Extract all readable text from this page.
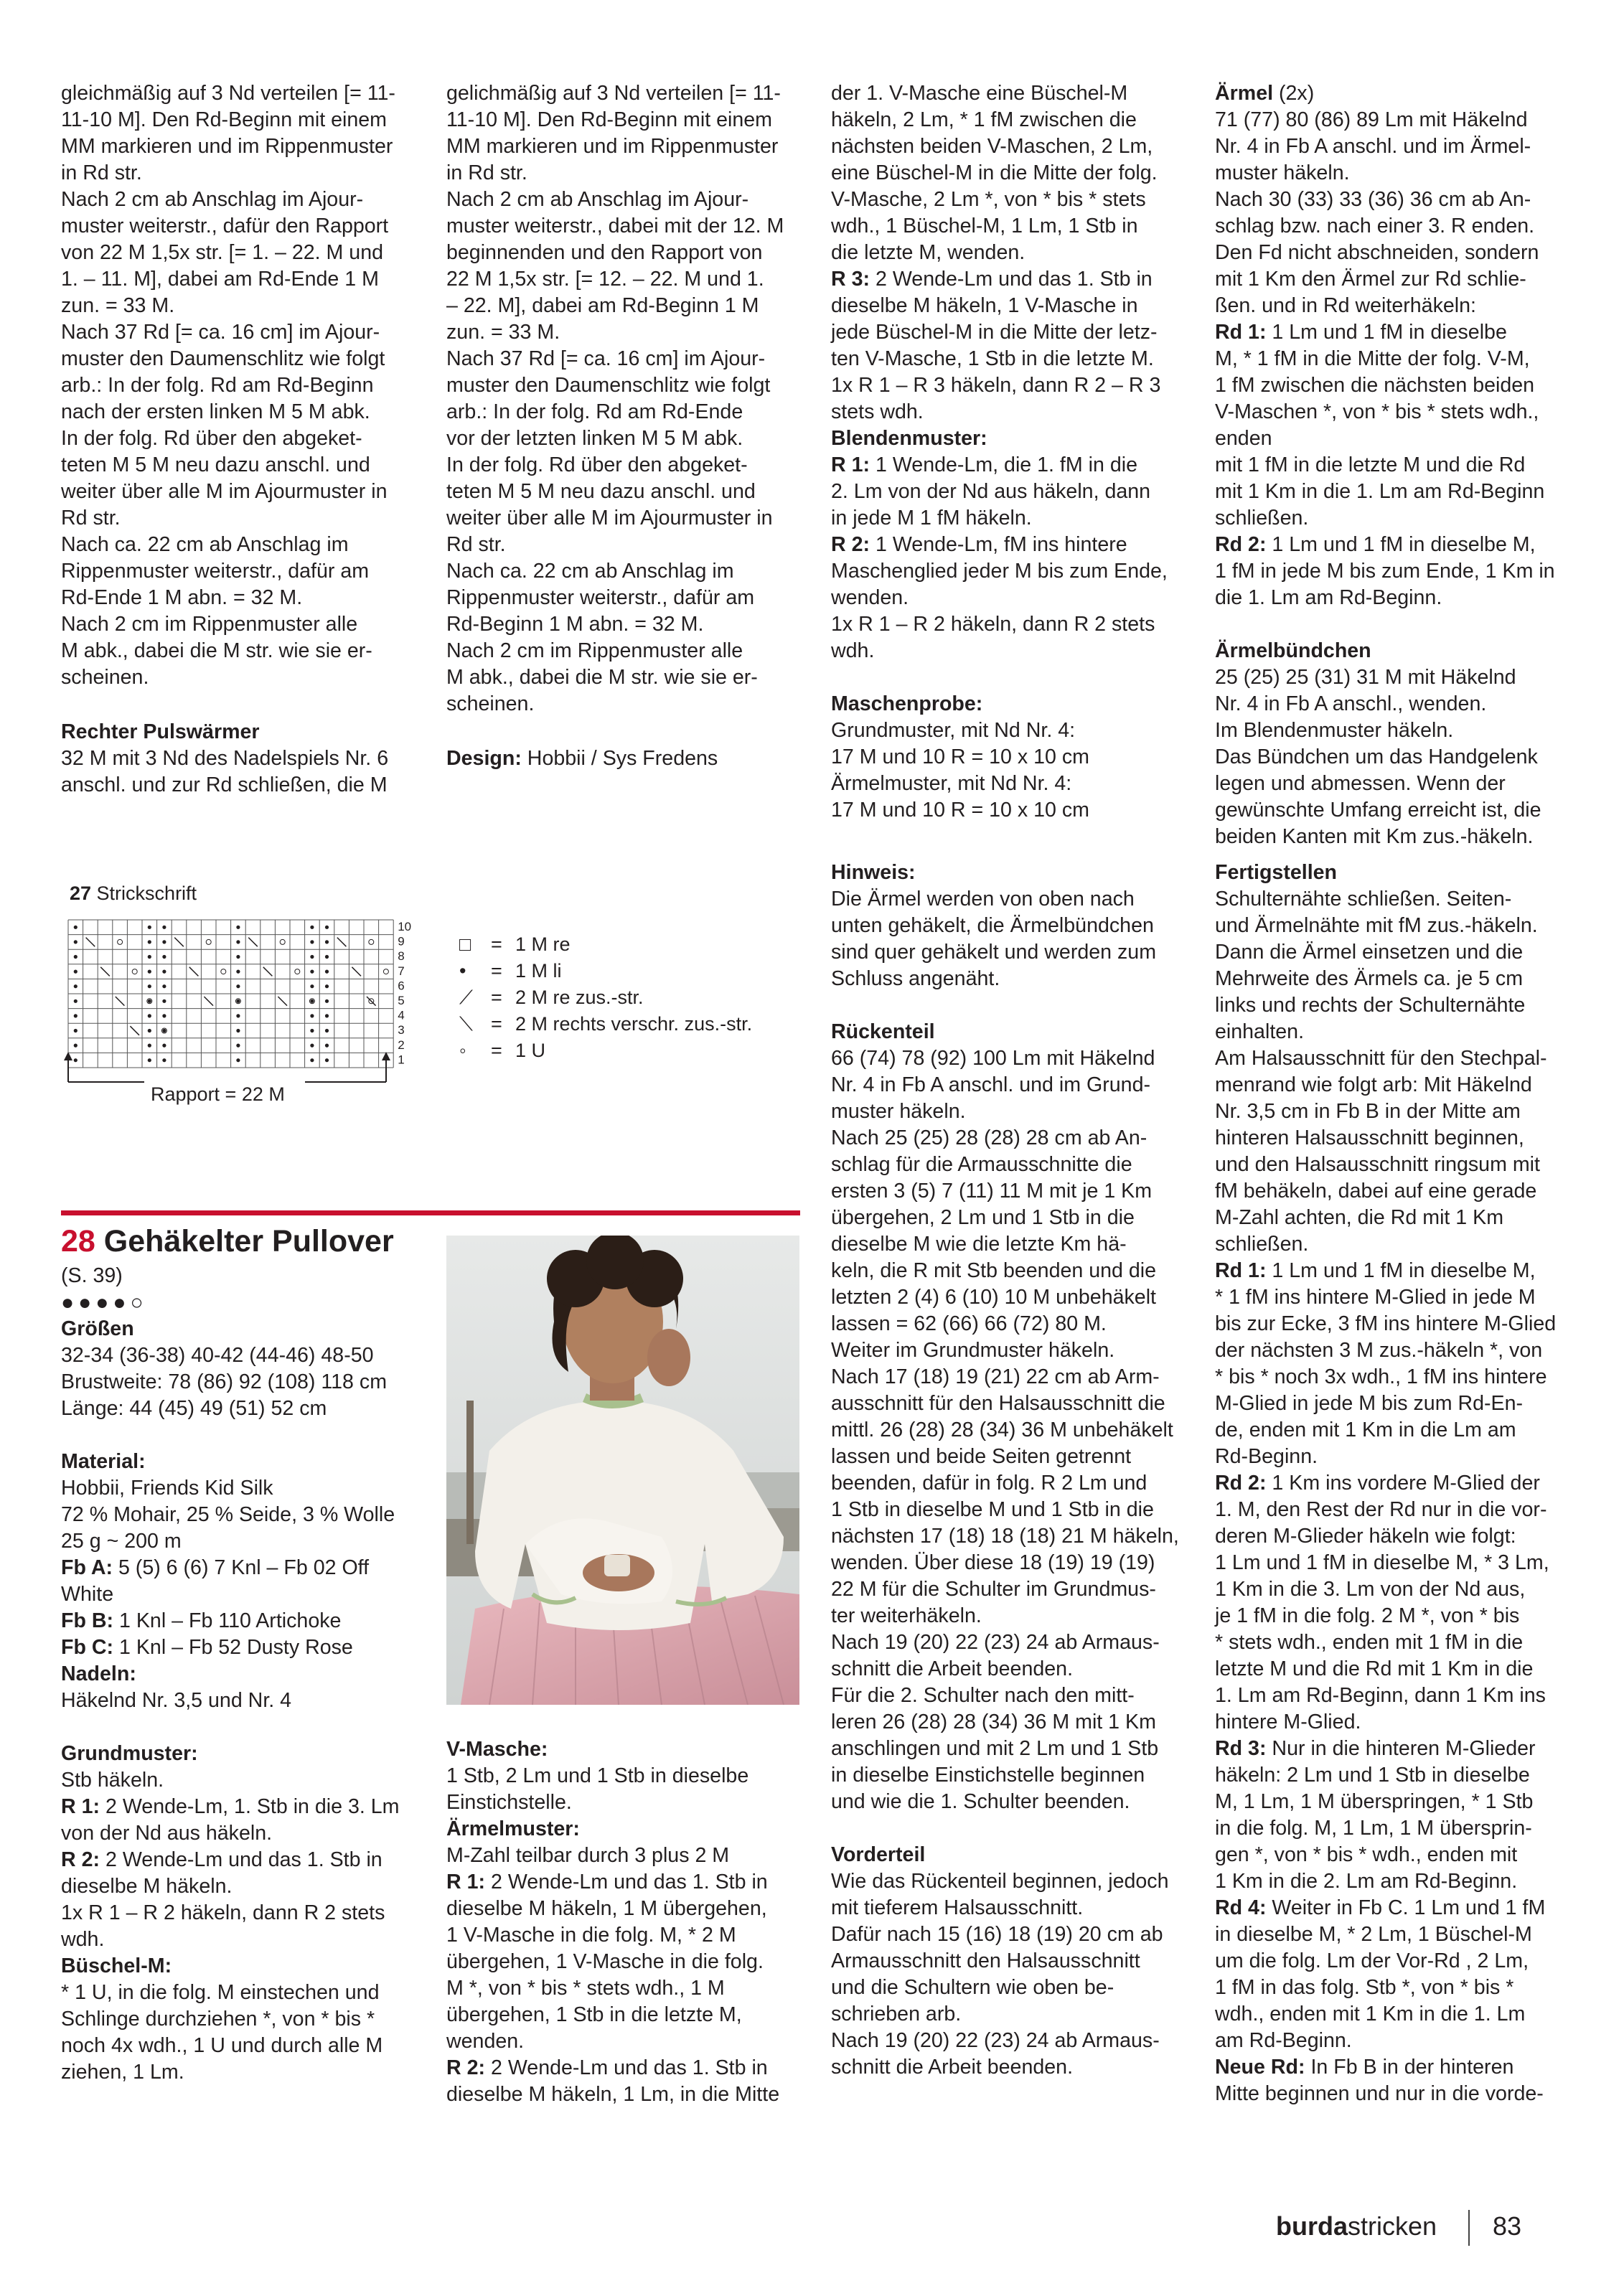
gleichmäßig auf 3 Nd verteilen [= 11-

11-10 M]. Den Rd-Beginn mit einem

MM markieren und im Rippenmuster

in Rd str.

Nach 2 cm ab Anschlag im Ajour-

muster weiterstr., dafür den Rapport

von 22 M 1,5x str. [= 1. – 22. M und

1. – 11. M], dabei am Rd-Ende 1 M

zun. = 33 M.

Nach 37 Rd [= ca. 16 cm] im Ajour-

muster den Daumenschlitz wie folgt

arb.: In der folg. Rd am Rd-Beginn

nach der ersten linken M 5 M abk.

In der folg. Rd über den abgeket-

teten M 5 M neu dazu anschl. und

weiter über alle M im Ajourmuster in

Rd str.

Nach ca. 22 cm ab Anschlag im

Rippenmuster weiterstr., dafür am

Rd-Ende 1 M abn. = 32 M.

Nach 2 cm im Rippenmuster alle

M abk., dabei die M str. wie sie er-

scheinen.

Rechter Pulswärmer

32 M mit 3 Nd des Nadelspiels Nr. 6

anschl. und zur Rd schließen, die M

gelichmäßig auf 3 Nd verteilen [= 11-

11-10 M]. Den Rd-Beginn mit einem

MM markieren und im Rippenmuster

in Rd str.

Nach 2 cm ab Anschlag im Ajour-

muster weiterstr., dabei mit der 12. M

beginnenden und den Rapport von

22 M 1,5x str. [= 12. – 22. M und 1.

– 22. M], dabei am Rd-Beginn 1 M

zun. = 33 M.

Nach 37 Rd [= ca. 16 cm] im Ajour-

muster den Daumenschlitz wie folgt

arb.: In der folg. Rd am Rd-Ende

vor der letzten linken M 5 M abk.

In der folg. Rd über den abgeket-

teten M 5 M neu dazu anschl. und

weiter über alle M im Ajourmuster in

Rd str.

Nach ca. 22 cm ab Anschlag im

Rippenmuster weiterstr., dafür am

Rd-Beginn 1 M abn. = 32 M.

Nach 2 cm im Rippenmuster alle

M abk., dabei die M str. wie sie er-

scheinen.

Design: Hobbii / Sys Fredens
27 Strickschrift
10
9
8
7
6
5
4
3
2
1
Rapport = 22 M
□	= 1 M re
•	= 1 M li
⟋ = 2 M re zus.-str.
⟍ = 2 M rechts verschr. zus.-str.
◦	= 1 U
28 Gehäkelter Pullover

(S. 39)

●●●●○

Größen

32-34 (36-38) 40-42 (44-46) 48-50

Brustweite: 78 (86) 92 (108) 118 cm

Länge: 44 (45) 49 (51) 52 cm

Material:

Hobbii, Friends Kid Silk

72 % Mohair, 25 % Seide, 3 % Wolle

25 g ~ 200 m

Fb A: 5 (5) 6 (6) 7 Knl – Fb 02 Off

White

Fb B: 1 Knl – Fb 110 Artichoke

Fb C: 1 Knl – Fb 52 Dusty Rose

Nadeln:

Häkelnd Nr. 3,5 und Nr. 4

Grundmuster:

Stb häkeln.

R 1: 2 Wende-Lm, 1. Stb in die 3. Lm

von der Nd aus häkeln.

R 2: 2 Wende-Lm und das 1. Stb in

dieselbe M häkeln.

1x R 1 – R 2 häkeln, dann R 2 stets

wdh.

Büschel-M:

* 1 U, in die folg. M einstechen und

Schlinge durchziehen *, von * bis *

noch 4x wdh., 1 U und durch alle M

ziehen, 1 Lm.

V-Masche:

1 Stb, 2 Lm und 1 Stb in dieselbe

Einstichstelle.

Ärmelmuster:

M-Zahl teilbar durch 3 plus 2 M

R 1: 2 Wende-Lm und das 1. Stb in

dieselbe M häkeln, 1 M übergehen,

1 V-Masche in die folg. M, * 2 M

übergehen, 1 V-Masche in die folg.

M *, von * bis * stets wdh., 1 M

übergehen, 1 Stb in die letzte M,

wenden.

R 2: 2 Wende-Lm und das 1. Stb in

dieselbe M häkeln, 1 Lm, in die Mitte

der 1. V-Masche eine Büschel-M

häkeln, 2 Lm, * 1 fM zwischen die

nächsten beiden V-Maschen, 2 Lm,

eine Büschel-M in die Mitte der folg.

V-Masche, 2 Lm *, von * bis * stets

wdh., 1 Büschel-M, 1 Lm, 1 Stb in

die letzte M, wenden.

R 3: 2 Wende-Lm und das 1. Stb in

dieselbe M häkeln, 1 V-Masche in

jede Büschel-M in die Mitte der letz-

ten V-Masche, 1 Stb in die letzte M.

1x R 1 – R 3 häkeln, dann R 2 – R 3

stets wdh.

Blendenmuster:

R 1: 1 Wende-Lm, die 1. fM in die

2. Lm von der Nd aus häkeln, dann

in jede M 1 fM häkeln.

R 2: 1 Wende-Lm, fM ins hintere

Maschenglied jeder M bis zum Ende,

wenden.

1x R 1 – R 2 häkeln, dann R 2 stets

wdh.

Maschenprobe:

Grundmuster, mit Nd Nr. 4:

17 M und 10 R = 10 x 10 cm

Ärmelmuster, mit Nd Nr. 4:

17 M und 10 R = 10 x 10 cm

Hinweis:

Die Ärmel werden von oben nach

unten gehäkelt, die Ärmelbündchen

sind quer gehäkelt und werden zum

Schluss angenäht.

Rückenteil

66 (74) 78 (92) 100 Lm mit Häkelnd

Nr. 4 in Fb A anschl. und im Grund-

muster häkeln.

Nach 25 (25) 28 (28) 28 cm ab An-

schlag für die Armausschnitte die

ersten 3 (5) 7 (11) 11 M mit je 1 Km

übergehen, 2 Lm und 1 Stb in die

dieselbe M wie die letzte Km hä-

keln, die R mit Stb beenden und die

letzten 2 (4) 6 (10) 10 M unbehäkelt

lassen = 62 (66) 66 (72) 80 M.

Weiter im Grundmuster häkeln.

Nach 17 (18) 19 (21) 22 cm ab Arm-

ausschnitt für den Halsausschnitt die

mittl. 26 (28) 28 (34) 36 M unbehäkelt

lassen und beide Seiten getrennt

beenden, dafür in folg. R 2 Lm und

1 Stb in dieselbe M und 1 Stb in die

nächsten 17 (18) 18 (18) 21 M häkeln,

wenden. Über diese 18 (19) 19 (19)

22 M für die Schulter im Grundmus-

ter weiterhäkeln.

Nach 19 (20) 22 (23) 24 ab Armaus-

schnitt die Arbeit beenden.

Für die 2. Schulter nach den mitt-

leren 26 (28) 28 (34) 36 M mit 1 Km

anschlingen und mit 2 Lm und 1 Stb

in dieselbe Einstichstelle beginnen

und wie die 1. Schulter beenden.

Vorderteil

Wie das Rückenteil beginnen, jedoch

mit tieferem Halsausschnitt.

Dafür nach 15 (16) 18 (19) 20 cm ab

Armausschnitt den Halsausschnitt

und die Schultern wie oben be-

schrieben arb.

Nach 19 (20) 22 (23) 24 ab Armaus-

schnitt die Arbeit beenden.

Ärmel (2x)

71 (77) 80 (86) 89 Lm mit Häkelnd

Nr. 4 in Fb A anschl. und im Ärmel-

muster häkeln.

Nach 30 (33) 33 (36) 36 cm ab An-

schlag bzw. nach einer 3. R enden.

Den Fd nicht abschneiden, sondern

mit 1 Km den Ärmel zur Rd schlie-

ßen. und in Rd weiterhäkeln:

Rd 1: 1 Lm und 1 fM in dieselbe

M, * 1 fM in die Mitte der folg. V-M,

1 fM zwischen die nächsten beiden

V-Maschen *, von * bis * stets wdh., enden

mit 1 fM in die letzte M und die Rd

mit 1 Km in die 1. Lm am Rd-Beginn

schließen.

Rd 2: 1 Lm und 1 fM in dieselbe M,

1 fM in jede M bis zum Ende, 1 Km in

die 1. Lm am Rd-Beginn.

Ärmelbündchen

25 (25) 25 (31) 31 M mit Häkelnd

Nr. 4 in Fb A anschl., wenden.

Im Blendenmuster häkeln.

Das Bündchen um das Handgelenk

legen und abmessen. Wenn der

gewünschte Umfang erreicht ist, die

beiden Kanten mit Km zus.-häkeln.

Fertigstellen

Schulternähte schließen. Seiten-

und Ärmelnähte mit fM zus.-häkeln.

Dann die Ärmel einsetzen und die

Mehrweite des Ärmels ca. je 5 cm

links und rechts der Schulternähte

einhalten.

Am Halsausschnitt für den Stechpal-

menrand wie folgt arb: Mit Häkelnd

Nr. 3,5 cm in Fb B in der Mitte am

hinteren Halsausschnitt beginnen,

und den Halsausschnitt ringsum mit

fM behäkeln, dabei auf eine gerade

M-Zahl achten, die Rd mit 1 Km

schließen.

Rd 1: 1 Lm und 1 fM in dieselbe M,

* 1 fM ins hintere M-Glied in jede M

bis zur Ecke, 3 fM ins hintere M-Glied

der nächsten 3 M zus.-häkeln *, von

* bis * noch 3x wdh., 1 fM ins hintere

M-Glied in jede M bis zum Rd-En-

de, enden mit 1 Km in die Lm am

Rd-Beginn.

Rd 2: 1 Km ins vordere M-Glied der

1. M, den Rest der Rd nur in die vor-

deren M-Glieder häkeln wie folgt:

1 Lm und 1 fM in dieselbe M, * 3 Lm,

1 Km in die 3. Lm von der Nd aus,

je 1 fM in die folg. 2 M *, von * bis

* stets wdh., enden mit 1 fM in die

letzte M und die Rd mit 1 Km in die

1. Lm am Rd-Beginn, dann 1 Km ins

hintere M-Glied.

Rd 3: Nur in die hinteren M-Glieder

häkeln: 2 Lm und 1 Stb in dieselbe

M, 1 Lm, 1 M überspringen, * 1 Stb

in die folg. M, 1 Lm, 1 M übersprin-

gen *, von * bis * wdh., enden mit

1 Km in die 2. Lm am Rd-Beginn.

Rd 4: Weiter in Fb C. 1 Lm und 1 fM

in dieselbe M, * 2 Lm, 1 Büschel-M

um die folg. Lm der Vor-Rd , 2 Lm,

1 fM in das folg. Stb *, von * bis *

wdh., enden mit 1 Km in die 1. Lm

am Rd-Beginn.

Neue Rd: In Fb B in der hinteren

Mitte beginnen und nur in die vorde-

burdastricken 83
